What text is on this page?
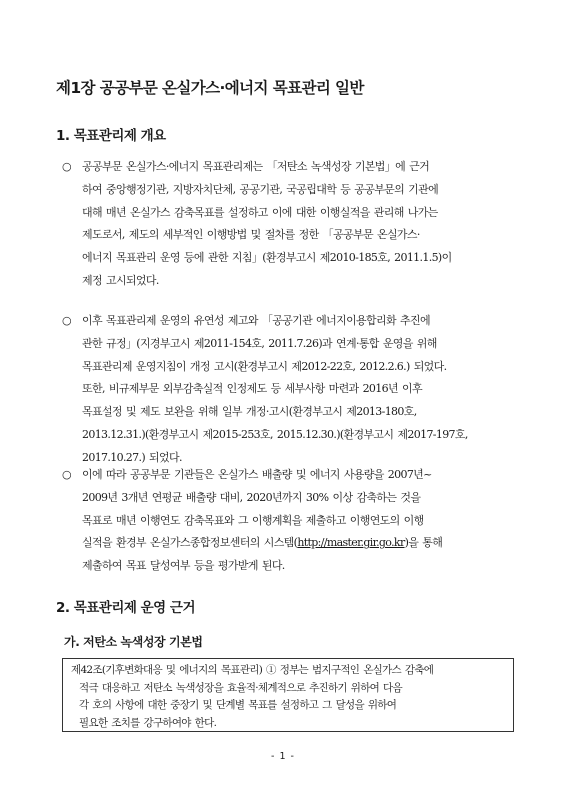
제1장 공공부문 온실가스·에너지 목표관리 일반
1. 목표관리제 개요
○ 공공부문 온실가스·에너지 목표관리제는 「저탄소 녹색성장 기본법」에 근거
하여 중앙행정기관, 지방자치단체, 공공기관, 국공립대학 등 공공부문의 기관에
대해 매년 온실가스 감축목표를 설정하고 이에 대한 이행실적을 관리해 나가는
제도로서, 제도의 세부적인 이행방법 및 절차를 정한 「공공부문 온실가스·
에너지 목표관리 운영 등에 관한 지침」(환경부고시 제2010-185호, 2011.1.5)이
제정 고시되었다.
○ 이후 목표관리제 운영의 유연성 제고와 「공공기관 에너지이용합리화 추진에
관한 규정」(지경부고시 제2011-154호, 2011.7.26)과 연계·통합 운영을 위해
목표관리제 운영지침이 개정 고시(환경부고시 제2012-22호, 2012.2.6.) 되었다.
또한, 비규제부문 외부감축실적 인정제도 등 세부사항 마련과 2016년 이후
목표설정 및 제도 보완을 위해 일부 개정·고시(환경부고시 제2013-180호,
2013.12.31.)(환경부고시 제2015-253호, 2015.12.30.)(환경부고시 제2017-197호,
2017.10.27.) 되었다.
○ 이에 따라 공공부문 기관들은 온실가스 배출량 및 에너지 사용량을 2007년~
2009년 3개년 연평균 배출량 대비, 2020년까지 30% 이상 감축하는 것을
목표로 매년 이행연도 감축목표와 그 이행계획을 제출하고 이행연도의 이행
실적을 환경부 온실가스종합정보센터의 시스템(http://master.gir.go.kr)을 통해
제출하여 목표 달성여부 등을 평가받게 된다.
2. 목표관리제 운영 근거
가. 저탄소 녹색성장 기본법
제42조(기후변화대응 및 에너지의 목표관리) ① 정부는 범지구적인 온실가스 감축에
적극 대응하고 저탄소 녹색성장을 효율적·체계적으로 추진하기 위하여 다음
각 호의 사항에 대한 중장기 및 단계별 목표를 설정하고 그 달성을 위하여
필요한 조치를 강구하여야 한다.
- 1 -
